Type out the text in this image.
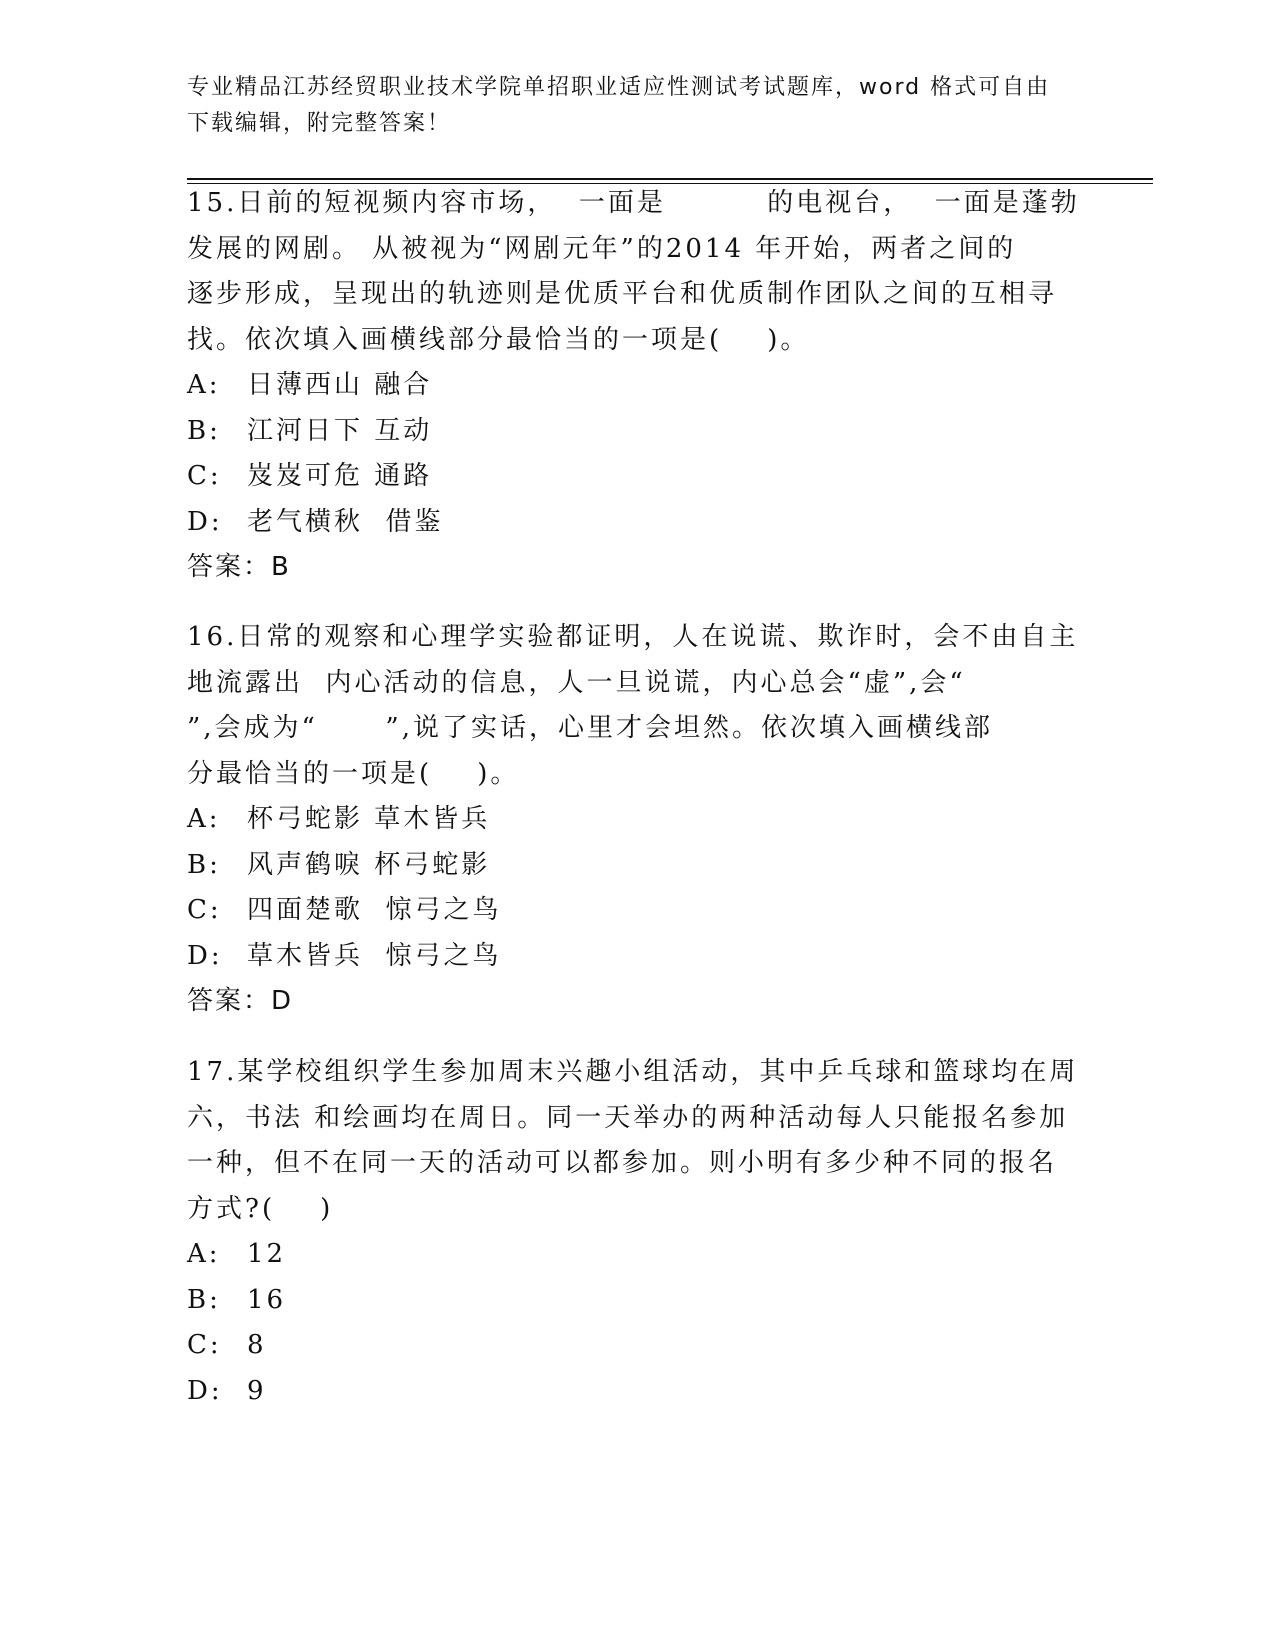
专业精品江苏经贸职业技术学院单招职业适应性测试考试题库，word 格式可自由
下载编辑，附完整答案！

15.日前的短视频内容市场，  一面是         的电视台，  一面是蓬勃

发展的网剧。 从被视为“网剧元年”的2014 年开始，两者之间的

逐步形成，呈现出的轨迹则是优质平台和优质制作团队之间的互相寻

找。依次填入画横线部分最恰当的一项是(    )。

A:	日薄西山 融合
B:	江河日下 互动
C: 岌岌可危 通路
D: 老气横秋  借鉴

答案：B

16.日常的观察和心理学实验都证明，人在说谎、欺诈时，会不由自主

地流露出  内心活动的信息，人一旦说谎，内心总会“虚”,会“

”,会成为“      ”,说了实话，心里才会坦然。依次填入画横线部

分最恰当的一项是(    )。

A:	杯弓蛇影 草木皆兵
B:	风声鹤唳 杯弓蛇影
C: 四面楚歌  惊弓之鸟
D: 草木皆兵  惊弓之鸟

答案：D

17.某学校组织学生参加周末兴趣小组活动，其中乒乓球和篮球均在周

六，书法 和绘画均在周日。同一天举办的两种活动每人只能报名参加

一种，但不在同一天的活动可以都参加。则小明有多少种不同的报名

方式?(    )

A:	12
B:	16
C: 8
D: 9
